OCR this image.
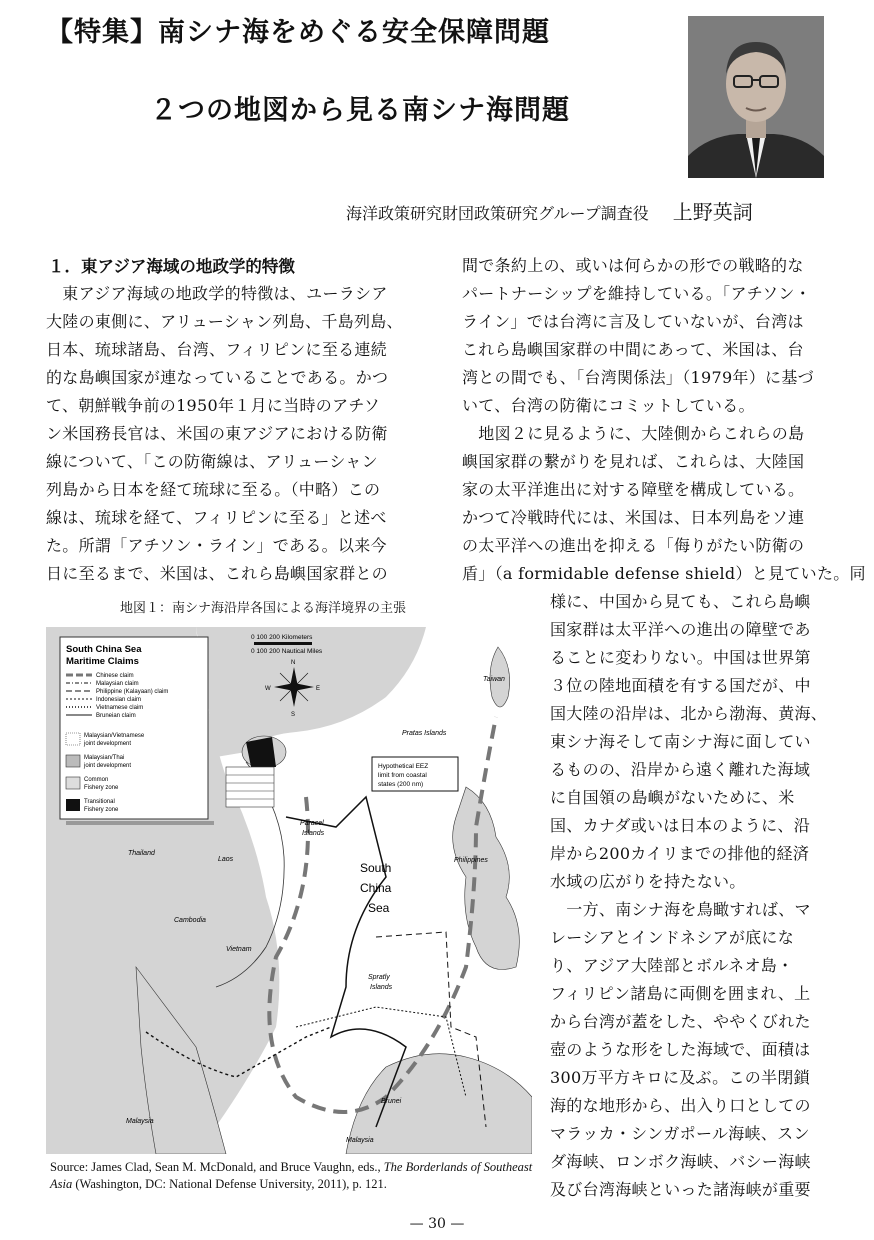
【特集】南シナ海をめぐる安全保障問題
２つの地図から見る南シナ海問題
海洋政策研究財団政策研究グループ調査役 上野英詞
１．東アジア海域の地政学的特徴

　東アジア海域の地政学的特徴は、ユーラシア

大陸の東側に、アリューシャン列島、千島列島、

日本、琉球諸島、台湾、フィリピンに至る連続

的な島嶼国家が連なっていることである。かつ

て、朝鮮戦争前の1950年１月に当時のアチソ

ン米国務長官は、米国の東アジアにおける防衛

線について、「この防衛線は、アリューシャン

列島から日本を経て琉球に至る。（中略）この

線は、琉球を経て、フィリピンに至る」と述べ

た。所謂「アチソン・ライン」である。以来今

日に至るまで、米国は、これら島嶼国家群との

間で条約上の、或いは何らかの形での戦略的な

パートナーシップを維持している。「アチソン・

ライン」では台湾に言及していないが、台湾は

これら島嶼国家群の中間にあって、米国は、台

湾との間でも、「台湾関係法」（1979年）に基づ

いて、台湾の防衛にコミットしている。

　地図２に見るように、大陸側からこれらの島

嶼国家群の繋がりを見れば、これらは、大陸国

家の太平洋進出に対する障壁を構成している。

かつて冷戦時代には、米国は、日本列島をソ連

の太平洋への進出を抑える「侮りがたい防衛の

盾」（a formidable defense shield）と見ていた。同

様に、中国から見ても、これら島嶼

国家群は太平洋への進出の障壁であ

ることに変わりない。中国は世界第

３位の陸地面積を有する国だが、中

国大陸の沿岸は、北から渤海、黄海、

東シナ海そして南シナ海に面してい

るものの、沿岸から遠く離れた海域

に自国領の島嶼がないために、米

国、カナダ或いは日本のように、沿

岸から200カイリまでの排他的経済

水域の広がりを持たない。

　一方、南シナ海を鳥瞰すれば、マ

レーシアとインドネシアが底にな

り、アジア大陸部とボルネオ島・

フィリピン諸島に両側を囲まれ、上

から台湾が蓋をした、ややくびれた

壺のような形をした海域で、面積は

300万平方キロに及ぶ。この半閉鎖

海的な地形から、出入り口としての

マラッカ・シンガポール海峡、スン

ダ海峡、ロンボク海峡、バシー海峡

及び台湾海峡といった諸海峡が重要

地図１：南シナ海沿岸各国による海洋境界の主張
South China Sea
Maritime Claims
Chinese claim
Malaysian claim
Philippine (Kalayaan) claim
Indonesian claim
Vietnamese claim
Bruneian claim
Malaysian/Vietnamese
joint development
Malaysian/Thai
joint development
Common
Fishery zone
Transitional
Fishery zone
0 100 200 Kilometers
0 100 200 Nautical Miles
N
E
S
W
Hypothetical EEZ
limit from coastal
states (200 nm)
South
China
Sea
Taiwan
Pratas Islands
Paracel
Islands
Thailand
Laos
Cambodia
Vietnam
Philippines
Spratly
Islands
Malaysia
Brunei
Malaysia
Source: James Clad, Sean M. McDonald, and Bruce Vaughn, eds., The Borderlands of Southeast Asia (Washington, DC: National Defense University, 2011), p. 121.
— 30 —
